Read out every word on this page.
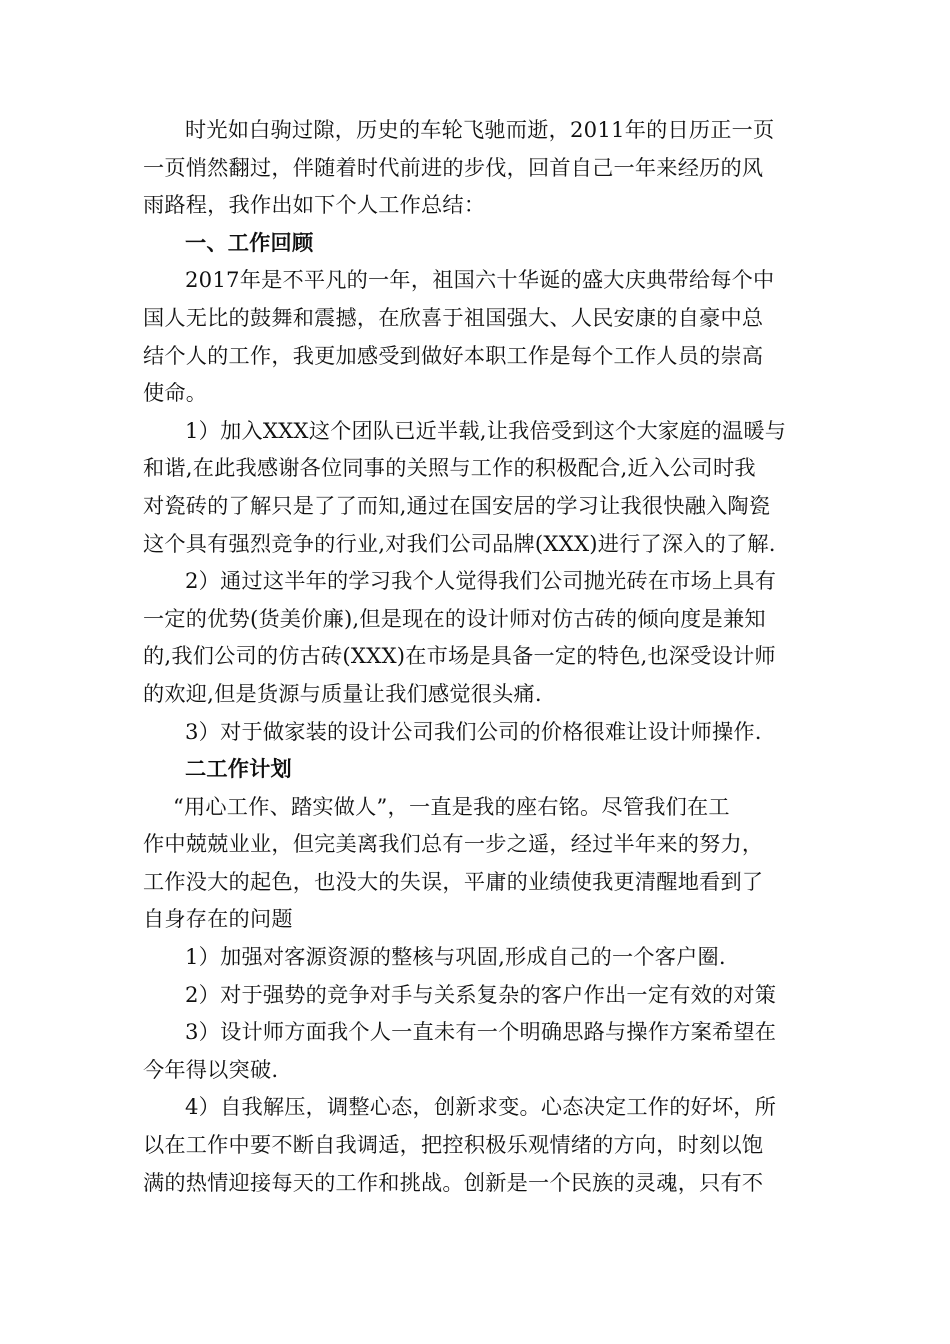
时光如白驹过隙，历史的车轮飞驰而逝，2011年的日历正一页
一页悄然翻过，伴随着时代前进的步伐，回首自己一年来经历的风
雨路程，我作出如下个人工作总结：
一、工作回顾
2017年是不平凡的一年，祖国六十华诞的盛大庆典带给每个中
国人无比的鼓舞和震撼，在欣喜于祖国强大、人民安康的自豪中总
结个人的工作，我更加感受到做好本职工作是每个工作人员的崇高
使命。
1）加入XXX这个团队已近半载,让我倍受到这个大家庭的温暖与
和谐,在此我感谢各位同事的关照与工作的积极配合,近入公司时我
对瓷砖的了解只是了了而知,通过在国安居的学习让我很快融入陶瓷
这个具有强烈竞争的行业,对我们公司品牌(XXX)进行了深入的了解.
2）通过这半年的学习我个人觉得我们公司抛光砖在市场上具有
一定的优势(货美价廉),但是现在的设计师对仿古砖的倾向度是兼知
的,我们公司的仿古砖(XXX)在市场是具备一定的特色,也深受设计师
的欢迎,但是货源与质量让我们感觉很头痛.
3）对于做家装的设计公司我们公司的价格很难让设计师操作.
二工作计划
“用心工作、踏实做人”，一直是我的座右铭。尽管我们在工
作中兢兢业业，但完美离我们总有一步之遥，经过半年来的努力，
工作没大的起色，也没大的失误，平庸的业绩使我更清醒地看到了
自身存在的问题
1）加强对客源资源的整核与巩固,形成自己的一个客户圈.
2）对于强势的竞争对手与关系复杂的客户作出一定有效的对策
3）设计师方面我个人一直未有一个明确思路与操作方案希望在
今年得以突破.
4）自我解压，调整心态，创新求变。心态决定工作的好坏，所
以在工作中要不断自我调适，把控积极乐观情绪的方向，时刻以饱
满的热情迎接每天的工作和挑战。创新是一个民族的灵魂，只有不
